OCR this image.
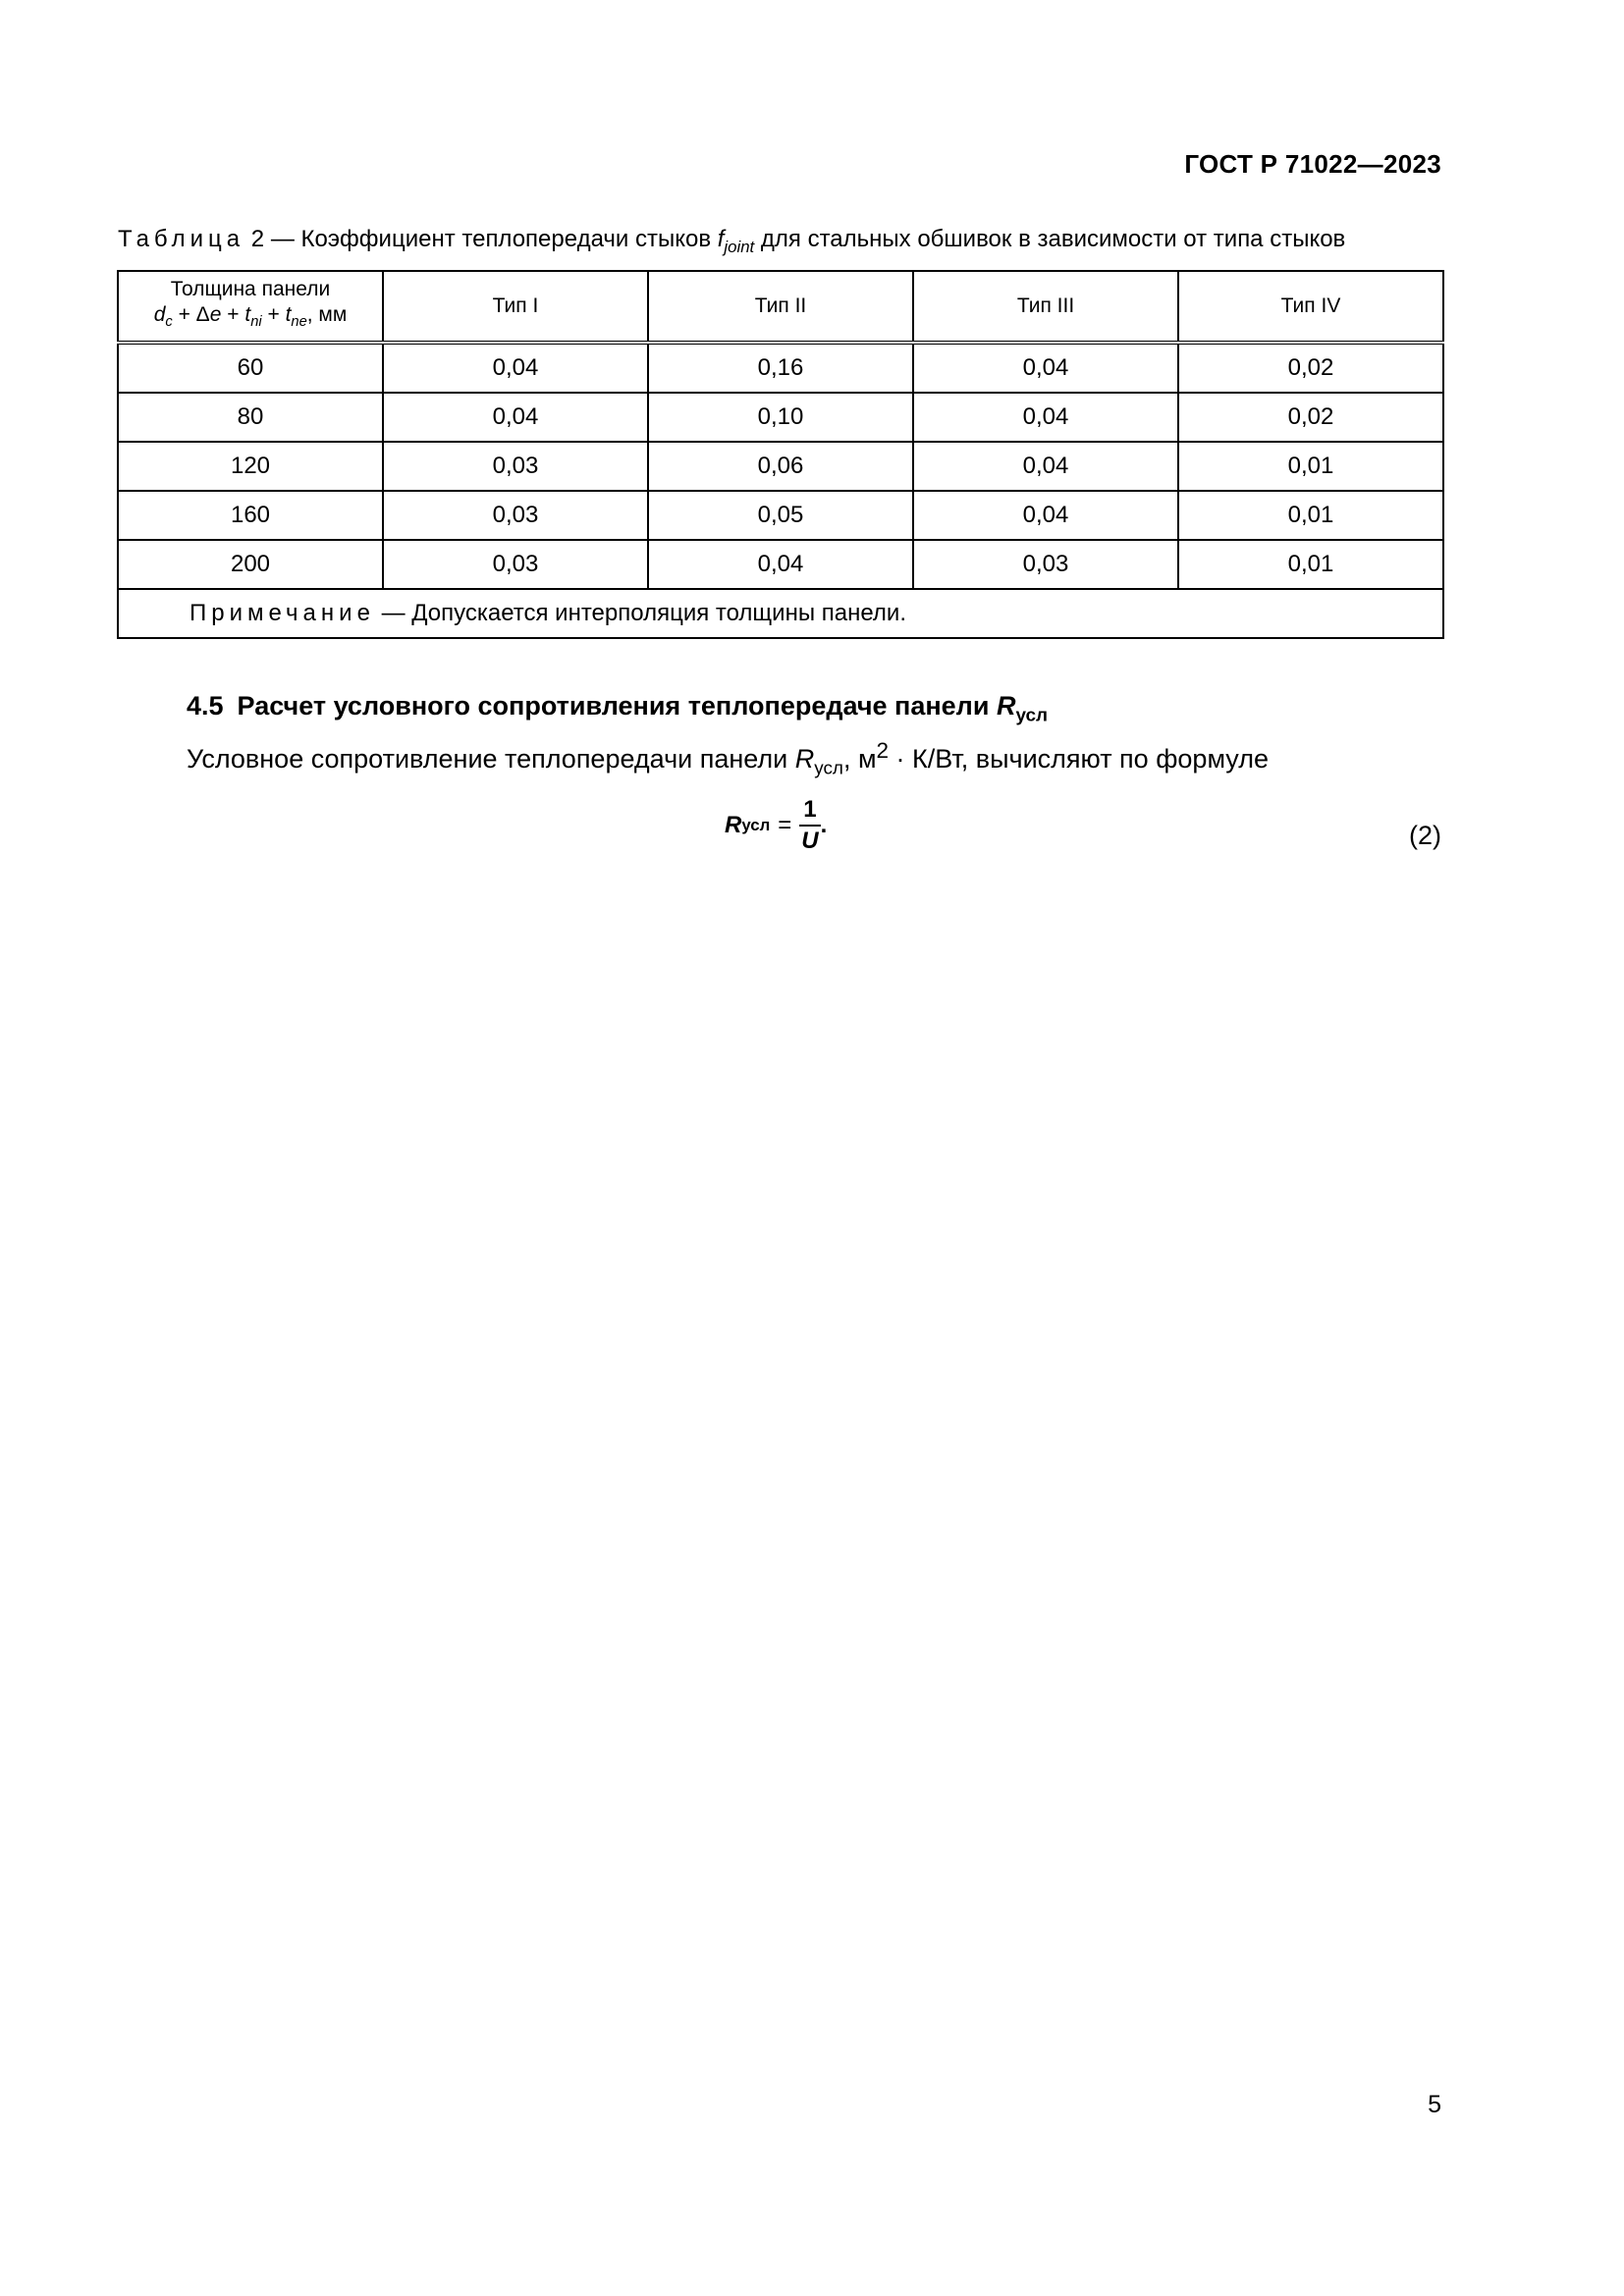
ГОСТ Р 71022—2023
Таблица 2 — Коэффициент теплопередачи стыков $f_{joint}$ для стальных обшивок в зависимости от типа стыков
Толщина панели
$d_c + \Delta e + t_{ni} + t_{ne}$, мм	Тип I	Тип II	Тип III	Тип IV
60	0,04	0,16	0,04	0,02
80	0,04	0,10	0,04	0,02
120	0,03	0,06	0,04	0,01
160	0,03	0,05	0,04	0,01
200	0,03	0,04	0,03	0,01
Примечание — Допускается интерполяция толщины панели.				
4.5 Расчет условного сопротивления теплопередаче панели $R_{усл}$
Условное сопротивление теплопередачи панели $R_{усл}$, $м^2 \cdot К/Вт$, вычисляют по формуле
R усл = $\frac{1}{U}$ .	(2)
5
